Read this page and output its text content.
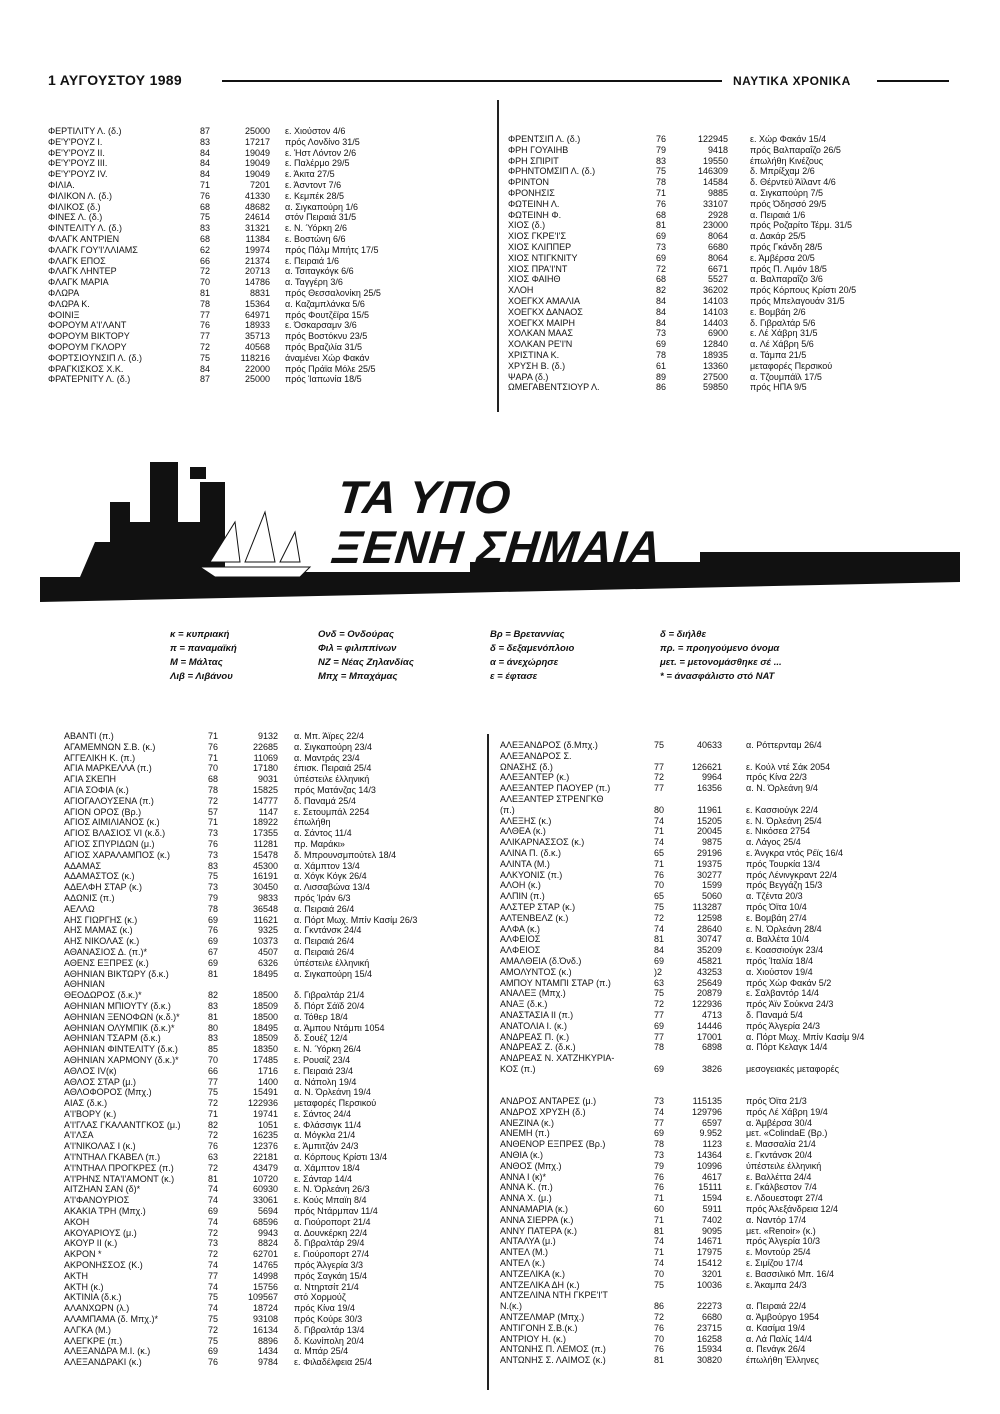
1 ΑΥΓΟΥΣΤΟΥ 1989	ΝΑΥΤΙΚΑ ΧΡΟΝΙΚΑ
ΦΕΡΤΙΛΙΤΥ Λ. (δ.)	87	25000	ε. Χιούστον 4/6
ΦΕ'Υ'ΡΟΥΖ Ι.	83	17217	πρός Λονδίνο 31/5
ΦΕ'Υ'ΡΟΥΖ ΙΙ.	84	19049	ε. Ήστ Λόντον 2/6
ΦΕ'Υ'ΡΟΥΖ ΙΙΙ.	84	19049	ε. Παλέρμο 29/5
ΦΕ'Υ'ΡΟΥΖ ΙV.	84	19049	ε. Άκιτα 27/5
ΦΙΛΙΑ.	71	7201	ε. Άσντοντ 7/6
ΦΙΛΙΚΟΝ Λ. (δ.)	76	41330	ε. Κεμπέκ 28/5
ΦΙΛΙΚΟΣ (δ.)	68	48682	α. Σιγκαπούρη 1/6
ΦΙΝΕΣ Λ. (δ.)	75	24614	στόν Πειραιά 31/5
ΦΙΝΤΕΛΙΤΥ Λ. (δ.)	83	31321	ε. Ν. Ύόρκη 2/6
ΦΛΑΓΚ ΑΝΤΡΙΕΝ	68	11384	ε. Βοστώνη 6/6
ΦΛΑΓΚ ΓΟΥ'Ι'ΛΛΙΑΜΣ	62	19974	πρός Πάλμ Μπήτς 17/5
ΦΛΑΓΚ ΕΠΟΣ	66	21374	ε. Πειραιά 1/6
ΦΛΑΓΚ ΛΗΝΤΕΡ	72	20713	α. Τσιταγκόγκ 6/6
ΦΛΑΓΚ ΜΑΡΙΑ	70	14786	α. Ταγγέρη 3/6
ΦΛΩΡΑ	81	8831	πρός Θεσσαλονίκη 25/5
ΦΛΩΡΑ Κ.	78	15364	α. Καζαμπλάνκα 5/6
ΦΟΙΝΙΞ	77	64971	πρός Φουτζέϊρα 15/5
ΦΟΡΟΥΜ Α'Ι'ΛΑΝΤ	76	18933	ε. Όσκαρσαμν 3/6
ΦΟΡΟΥΜ ΒΙΚΤΟΡΥ	77	35713	πρός Βοστόκνυ 23/5
ΦΟΡΟΥΜ ΓΚΛΟΡΥ	72	40568	πρός Βραζιλία 31/5
ΦΟΡΤΣΙΟΥΝΣΙΠ Λ. (δ.)	75	118216	άναμένει Χώρ Φακάν
ΦΡΑΓΚΙΣΚΟΣ Χ.Κ.	84	22000	πρός Πράϊα Μόλε 25/5
ΦΡΑΤΕΡΝΙΤΥ Λ. (δ.)	87	25000	πρός Ίαπωνία 18/5
ΦΡΕΝΤΣΙΠ Λ. (δ.)	76	122945	ε. Χώρ Φακάν 15/4
ΦΡΗ ΓΟΥΑΙΗΒ	79	9418	πρός Βαλπαραΐζο 26/5
ΦΡΗ ΣΠΙΡΙΤ	83	19550	έπωλήθη Κινέζους
ΦΡΗΝΤΟΜΣΙΠ Λ. (δ.)	75	146309	δ. Μπρίξχαμ 2/6
ΦΡΙΝΤΟΝ	78	14584	δ. Θέρντεϋ Άϊλαντ 4/6
ΦΡΟΝΗΣΙΣ	71	9885	α. Σιγκαπούρη 7/5
ΦΩΤΕΙΝΗ Λ.	76	33107	πρός Όδησσό 29/5
ΦΩΤΕΙΝΗ Φ.	68	2928	α. Πειραιά 1/6
ΧΙΟΣ (δ.)	81	23000	πρός Ροζαρίτο Τέρμ. 31/5
ΧΙΟΣ ΓΚΡΕ'Ι'Σ	69	8064	α. Δακάρ 25/5
ΧΙΟΣ ΚΛΙΠΠΕΡ	73	6680	πρός Γκάνδη 28/5
ΧΙΟΣ ΝΤΙΓΚΝΙΤΥ	69	8064	ε. Άμβέρσα 20/5
ΧΙΟΣ ΠΡΑ'Ι'ΝΤ	72	6671	πρός Π. Λιμόν 18/5
ΧΙΟΣ ΦΑΙΗΘ	68	5527	α. Βαλπαραΐζο 3/6
ΧΛΟΗ	82	36202	πρός Κόρπους Κρίστι 20/5
ΧΟΕΓΚΧ ΑΜΑΛΙΑ	84	14103	πρός Μπελαγουάν 31/5
ΧΟΕΓΚΧ ΔΑΝΑΟΣ	84	14103	ε. Βομβάη 2/6
ΧΟΕΓΚΧ ΜΑΙΡΗ	84	14403	δ. Γιβραλτάρ 5/6
ΧΟΛΚΑΝ ΜΑΑΣ	73	6900	ε. Λέ Χάβρη 31/5
ΧΟΛΚΑΝ ΡΕ'Ι'Ν	69	12840	α. Λέ Χάβρη 5/6
ΧΡΙΣΤΙΝΑ Κ.	78	18935	α. Τάμπα 21/5
ΧΡΥΣΗ Β. (δ.)	61	13360	μεταφορές Περσικού
ΨΑΡΑ (δ.)	89	27500	α. Τζουμπάϊλ 17/5
ΩΜΕΓΑΒΕΝΤΣΙΟΥΡ Λ.	86	59850	πρός ΗΠΑ 9/5
ΤΑ ΥΠΟ
ΞΕΝΗ ΣΗΜΑΙΑ
κ = κυπριακή
π = παναμαϊκή
Μ = Μάλτας
Λιβ = Λιβάνου
Ονδ = Ονδούρας
Φιλ = φιλιππίνων
ΝΖ = Νέας Ζηλανδίας
Μπχ = Μπαχάμας
Βρ = Βρεταννίας
δ = δεξαμενόπλοιο
α = άνεχώρησε
ε = έφτασε
δ = διήλθε
πρ. = προηγούμενο όνομα
μετ. = μετονομάσθηκε σέ ...
* = άνασφάλιστο στό ΝΑΤ
ΑΒΑΝΤΙ (π.)	71	9132	α. Μπ. Άϊρες 22/4
ΑΓΑΜΕΜΝΩΝ Σ.Β. (κ.)	76	22685	α. Σιγκαπούρη 23/4
ΑΓΓΕΛΙΚΗ Κ. (π.)	71	11069	α. Μαντράς 23/4
ΑΓΙΑ ΜΑΡΚΕΛΛΑ (π.)	70	17180	έπισκ. Πειραιά 25/4
ΑΓΙΑ ΣΚΕΠΗ	68	9031	ύπέστειλε έλληνική
ΑΓΙΑ ΣΟΦΙΑ (κ.)	78	15825	πρός Ματάνζας 14/3
ΑΓΙΟΓΑΛΟΥΣΕΝΑ (π.)	72	14777	δ. Παναμά 25/4
ΑΓΙΟΝ ΟΡΟΣ (Βρ.)	57	1147	ε. Σετουμπάλ 2254
ΑΓΙΟΣ ΑΙΜΙΛΙΑΝΟΣ (κ.)	71	18922	έπωλήθη
ΑΓΙΟΣ ΒΛΑΣΙΟΣ VI (κ.δ.)	73	17355	α. Σάντος 11/4
ΑΓΙΟΣ ΣΠΥΡΙΔΩΝ (μ.)	76	11281	πρ. Μαράκι»
ΑΓΙΟΣ ΧΑΡΑΛΑΜΠΟΣ (κ.)	73	15478	δ. Μπρουνσμπούτελ 18/4
ΑΔΑΜΑΣ	83	45300	α. Χάμπτον 13/4
ΑΔΑΜΑΣΤΟΣ (κ.)	75	16191	α. Χόγκ Κόγκ 26/4
ΑΔΕΛΦΗ ΣΤΑΡ (κ.)	73	30450	α. Λισσαβώνα 13/4
ΑΔΩΝΙΣ (π.)	79	9833	πρός Ίράν 6/3
ΑΕΛΛΩ	78	36548	α. Πειραιά 26/4
ΑΗΣ ΓΙΩΡΓΗΣ (κ.)	69	11621	α. Πόρτ Μωχ. Μπίν Κασίμ 26/3
ΑΗΣ ΜΑΜΑΣ (κ.)	76	9325	α. Γκντάνσκ 24/4
ΑΗΣ ΝΙΚΟΛΑΣ (κ.)	69	10373	α. Πειραιά 26/4
ΑΘΑΝΑΣΙΟΣ Δ. (π.)*	67	4507	α. Πειραιά 26/4
ΑΘΕΝΣ ΕΞΠΡΕΣ (κ.)	69	6326	ύπέστειλε έλληνική
ΑΘΗΝΙΑΝ ΒΙΚΤΩΡΥ (δ.κ.)	81	18495	α. Σιγκαπούρη 15/4
ΑΘΗΝΙΑΝ
ΘΕΟΔΩΡΟΣ (δ.κ.)*	82	18500	δ. Γιβραλτάρ 21/4
ΑΘΗΝΙΑΝ ΜΠΙΟΥΤΥ (δ.κ.)	83	18509	δ. Πόρτ Σάϊδ 20/4
ΑΘΗΝΙΑΝ ΞΕΝΟΦΩΝ (κ.δ.)*	81	18500	α. Τόθερ 18/4
ΑΘΗΝΙΑΝ ΟΛΥΜΠΙΚ (δ.κ.)*	80	18495	α. Άμπου Ντάμπι 1054
ΑΘΗΝΙΑΝ ΤΣΑΡΜ (δ.κ.)	83	18509	δ. Σουέζ 12/4
ΑΘΗΝΙΑΝ ΦΙΝΤΕΛΙΤΥ (δ.κ.)	85	18350	ε. Ν. Ύόρκη 26/4
ΑΘΗΝΙΑΝ ΧΑΡΜΟΝΥ (δ.κ.)*	70	17485	ε. Ρουαίζ 23/4
ΑΘΛΟΣ ΙV(κ)	66	1716	ε. Πειραιά 23/4
ΑΘΛΟΣ ΣΤΑΡ (μ.)	77	1400	α. Νάπολη 19/4
ΑΘΛΟΦΟΡΟΣ (Μπχ.)	75	15491	α. Ν. Όρλεάνη 19/4
ΑΙΑΣ (δ.κ.)	72	122936	μεταφορές Περσικού
Α'Ι'ΒΟΡΥ (κ.)	71	19741	ε. Σάντος 24/4
Α'Ι'ΓΛΑΣ ΓΚΑΛΑΝΤΓΚΟΣ (μ.)	82	1051	ε. Φλάσσιγκ 11/4
Α'Ι'ΛΣΑ	72	16235	α. Μόγκλα 21/4
Α'Ι'ΝΙΚΟΛΑΣ Ι (κ.)	76	12376	ε. Άμπιτζάν 24/3
Α'Ι'ΝΤΗΑΛ ΓΚΑΒΕΛ (π.)	63	22181	α. Κόρπους Κρίστι 13/4
Α'Ι'ΝΤΗΑΛ ΠΡΟΓΚΡΕΣ (π.)	72	43479	α. Χάμπτον 18/4
Α'Ι'ΡΗΝΣ ΝΤΑ'Ι'ΑΜΟΝΤ (κ.)	81	10720	ε. Σάνταρ 14/4
ΑΙΤΖΗΑΝ ΣΑΝ (δ)*	74	60930	ε. Ν. Όρλεάνη 26/3
Α'Ι'ΦΑΝΟΥΡΙΟΣ	74	33061	ε. Κούς Μπαϊη 8/4
ΑΚΑΚΙΑ ΤΡΗ (Μπχ.)	69	5694	πρός Ντάρμπαν 11/4
ΑΚΟΗ	74	68596	α. Γιούρoπορτ 21/4
ΑΚΟΥΑΡΙΟΥΣ (μ.)	72	9943	α. Δουνκέρκη 22/4
ΑΚΟΥΡ ΙΙ (κ.)	73	8824	δ. Γιβραλτάρ 29/4
ΑΚΡΟΝ *	72	62701	ε. Γιούροπορτ 27/4
ΑΚΡΟΝΗΣΣΟΣ (Κ.)	74	14765	πρός Άλγερία 3/3
ΑΚΤΗ	77	14998	πρός Σαγκάη 15/4
ΑΚΤΗ (κ.)	74	15756	α. Ντηρτσίτ 21/4
ΑΚΤΙΝΙΑ (δ.κ.)	75	109567	στό Χορμούζ
ΑΛΑΝΧΩΡΝ (λ.)	74	18724	πρός Κίνα 19/4
ΑΛΑΜΠΑΜΑ (δ. Μπχ.)*	75	93108	πρός Κούρε 30/3
ΑΛΓΚΑ (Μ.)	72	16134	δ. Γιβραλτάρ 13/4
ΑΛΕΓΚΡΕ (π.)	75	8896	δ. Κωνίπολη 20/4
ΑΛΕΞΑΝΔΡΑ Μ.Ι. (κ.)	69	1434	α. Μπάρ 25/4
ΑΛΕΞΑΝΔΡΑΚΙ (κ.)	76	9784	ε. Φιλαδέλφεια 25/4
ΑΛΕΞΑΝΔΡΟΣ (δ.Μπχ.)	75	40633	α. Ρόττερνταμ 26/4
ΑΛΕΞΑΝΔΡΟΣ Σ.
ΩΝΑΣΗΣ (δ.)	77	126621	ε. Κούλ ντέ Σάκ 2054
ΑΛΕΞΑΝΤΕΡ (κ.)	72	9964	πρός Κίνα 22/3
ΑΛΕΞΑΝΤΕΡ ΠΑΟΥΕΡ (π.)	77	16356	α. Ν. Όρλεάνη 9/4
ΑΛΕΞΑΝΤΕΡ ΣΤΡΕΝΓΚΘ
(π.)	80	11961	ε. Κασσιούγκ 22/4
ΑΛΕΞΗΣ (κ.)	74	15205	ε. Ν. Όρλεάνη 25/4
ΑΛΘΕΑ (κ.)	71	20045	ε. Νικόσεα 2754
ΑΛΙΚΑΡΝΑΣΣΟΣ (κ.)	74	9875	α. Λάγος 25/4
ΑΛΙΝΑ Π. (δ.κ.)	65	29196	ε. Άνγκρα ντός Ρέϊς 16/4
ΑΛΙΝΤΑ (Μ.)	71	19375	πρός Τουρκία 13/4
ΑΛΚΥΟΝΙΣ (π.)	76	30277	πρός Λένινγκραντ 22/4
ΑΛΟΗ (κ.)	70	1599	πρός Βεγγάζη 15/3
ΑΛΠΙΝ (π.)	65	5060	α. Τζέντα 20/3
ΑΛΣΤΕΡ ΣΤΑΡ (κ.)	75	113287	πρός Όϊτα 10/4
ΑΛΤΕΝΒΕΛΖ (κ.)	72	12598	ε. Βομβάη 27/4
ΑΛΦΑ (κ.)	74	28640	ε. Ν. Όρλεάνη 28/4
ΑΛΦΕΙΟΣ	81	30747	α. Βαλλέτα 10/4
ΑΛΦΕΙΟΣ	84	35209	ε. Κοασσιούγκ 23/4
ΑΜΑΛΘΕΙΑ (δ.Όνδ.)	69	45821	πρός Ίταλία 18/4
ΑΜΟΛΥΝΤΟΣ (κ.)	)2	43253	α. Χιούστον 19/4
ΑΜΠΟΥ ΝΤΑΜΠΙ ΣΤΑΡ (π.)	63	25649	πρός Χώρ Φακάν 5/2
ΑΝΑΛΕΞ (Μπχ.)	75	20879	ε. Σαλβαντόρ 14/4
ΑΝΑΞ (δ.κ.)	72	122936	πρός Άϊν Σούκνα 24/3
ΑΝΑΣΤΑΣΙΑ ΙΙ (π.)	77	4713	δ. Παναμά 5/4
ΑΝΑΤΟΛΙΑ Ι. (κ.)	69	14446	πρός Άλγερία 24/3
ΑΝΔΡΕΑΣ Π. (κ.)	77	17001	α. Πόρτ Μωχ. Μπίν Κασίμ 9/4
ΑΝΔΡΕΑΣ Ζ. (δ.κ.)	78	6898	α. Πόρτ Κελαγκ 14/4
ΑΝΔΡΕΑΣ Ν. ΧΑΤΖΗΚΥΡΙΑ-
ΚΟΣ (π.)	69	3826	μεσογειακές μεταφορές
ΑΝΔΡΟΣ ΑΝΤΑΡΕΣ (μ.)	73	115135	πρός Όϊτα 21/3
ΑΝΔΡΟΣ ΧΡΥΣΗ (δ.)	74	129796	πρός Λέ Χάβρη 19/4
ΑΝΕΖΙΝΑ (κ.)	77	6597	α. Άμβέρσα 30/4
ΑΝΕΜΗ (π.)	69	9.952	μετ. «ColindaE (Βρ.)
ΑΝΘΕΝΟΡ ΕΞΠΡΕΣ (Βρ.)	78	1123	ε. Μασσαλία 21/4
ΑΝΘΙΑ (κ.)	73	14364	ε. Γκντάνσκ 20/4
ΑΝΘΟΣ (Μπχ.)	79	10996	ύπέστειλε έλληνική
ΑΝΝΑ Ι (κ)*	76	4617	ε. Βαλλέττα 24/4
ΑΝΝΑ Κ. (π.)	76	15111	ε. Γκάλβεστον 7/4
ΑΝΝΑ Χ. (μ.)	71	1594	ε. Λδουεστοφτ 27/4
ΑΝΝΑΜΑΡΙΑ (κ.)	60	5911	πρός Άλεξάνδρεια 12/4
ΑΝΝΑ ΣΙΕΡΡΑ (κ.)	71	7402	α. Ναντόρ 17/4
ΑΝΝΥ ΠΑΤΕΡΑ (κ.)	81	9095	μετ. «Renoir» (κ.)
ΑΝΤΑΛΥΑ (μ.)	74	14671	πρός Άλγερία 10/3
ΑΝΤΕΛ (Μ.)	71	17975	ε. Μοντούρ 25/4
ΑΝΤΕΛ (κ.)	74	15412	ε. Σιμίζου 17/4
ΑΝΤΖΕΛΙΚΑ (κ.)	70	3201	ε. Βασσιλικό Μπ. 16/4
ΑΝΤΖΕΛΙΚΑ ΔΗ (κ.)	75	10036	ε. Άκαμπα 24/3
ΑΝΤΖΕΛΙΝΑ ΝΤΗ ΓΚΡΕ'Ι'Τ
Ν.(κ.)	86	22273	α. Πειραιά 22/4
ΑΝΤΖΕΛΜΑΡ (Μπχ.)	72	6680	α. Άμβούργο 1954
ΑΝΤΙΓΟΝΗ Σ.Β.(κ.)	76	23715	α. Κασίμα 19/4
ΑΝΤΡΙΟΥ Η. (κ.)	70	16258	α. Λά Παλίς 14/4
ΑΝΤΩΝΗΣ Π. ΛΕΜΟΣ (π.)	76	15934	α. Πενάγκ 26/4
ΑΝΤΩΝΗΣ Σ. ΛΑΙΜΟΣ (κ.)	81	30820	έπωλήθη Έλληνες
